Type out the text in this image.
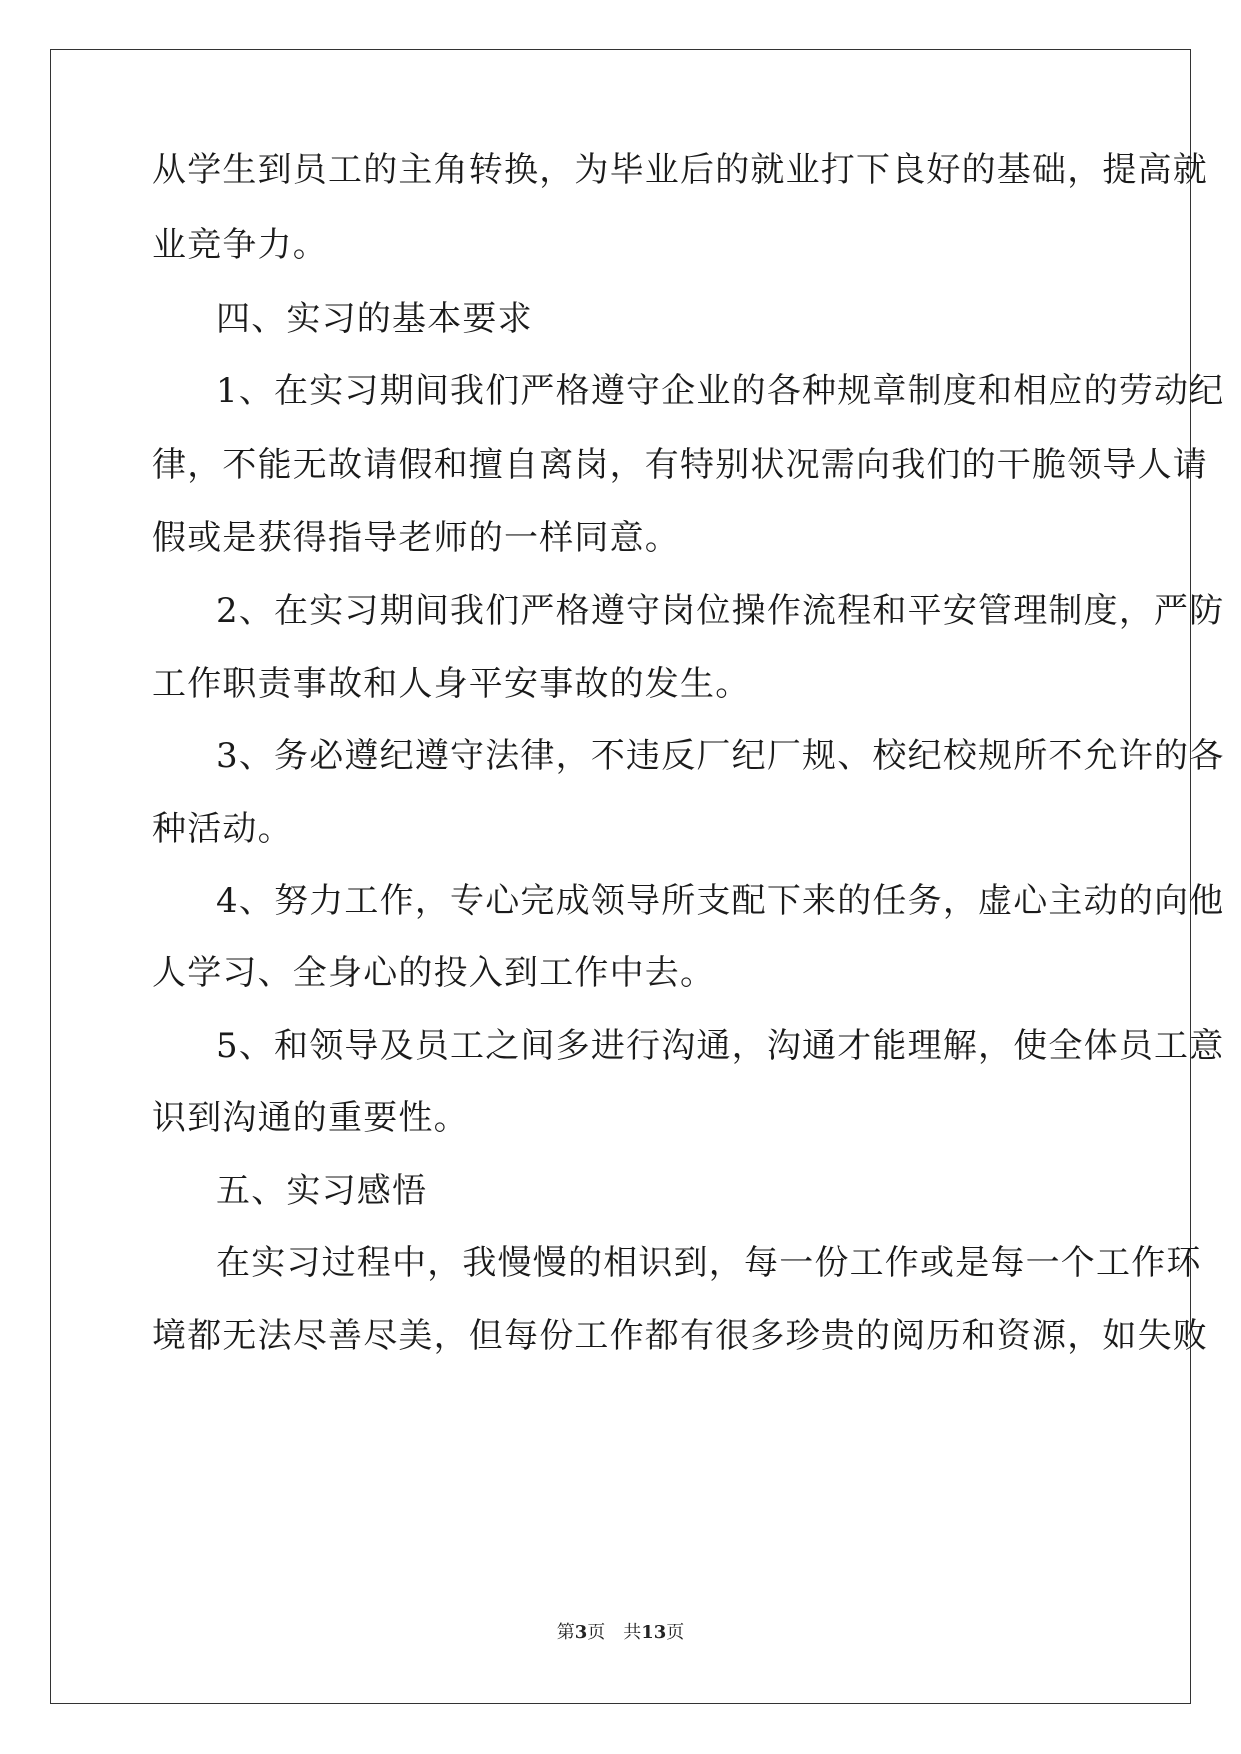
从学生到员工的主角转换，为毕业后的就业打下良好的基础，提高就
业竞争力。
四、实习的基本要求
1、在实习期间我们严格遵守企业的各种规章制度和相应的劳动纪
律，不能无故请假和擅自离岗，有特别状况需向我们的干脆领导人请
假或是获得指导老师的一样同意。
2、在实习期间我们严格遵守岗位操作流程和平安管理制度，严防
工作职责事故和人身平安事故的发生。
3、务必遵纪遵守法律，不违反厂纪厂规、校纪校规所不允许的各
种活动。
4、努力工作，专心完成领导所支配下来的任务，虚心主动的向他
人学习、全身心的投入到工作中去。
5、和领导及员工之间多进行沟通，沟通才能理解，使全体员工意
识到沟通的重要性。
五、实习感悟
在实习过程中，我慢慢的相识到，每一份工作或是每一个工作环
境都无法尽善尽美，但每份工作都有很多珍贵的阅历和资源，如失败
第3页 共13页
